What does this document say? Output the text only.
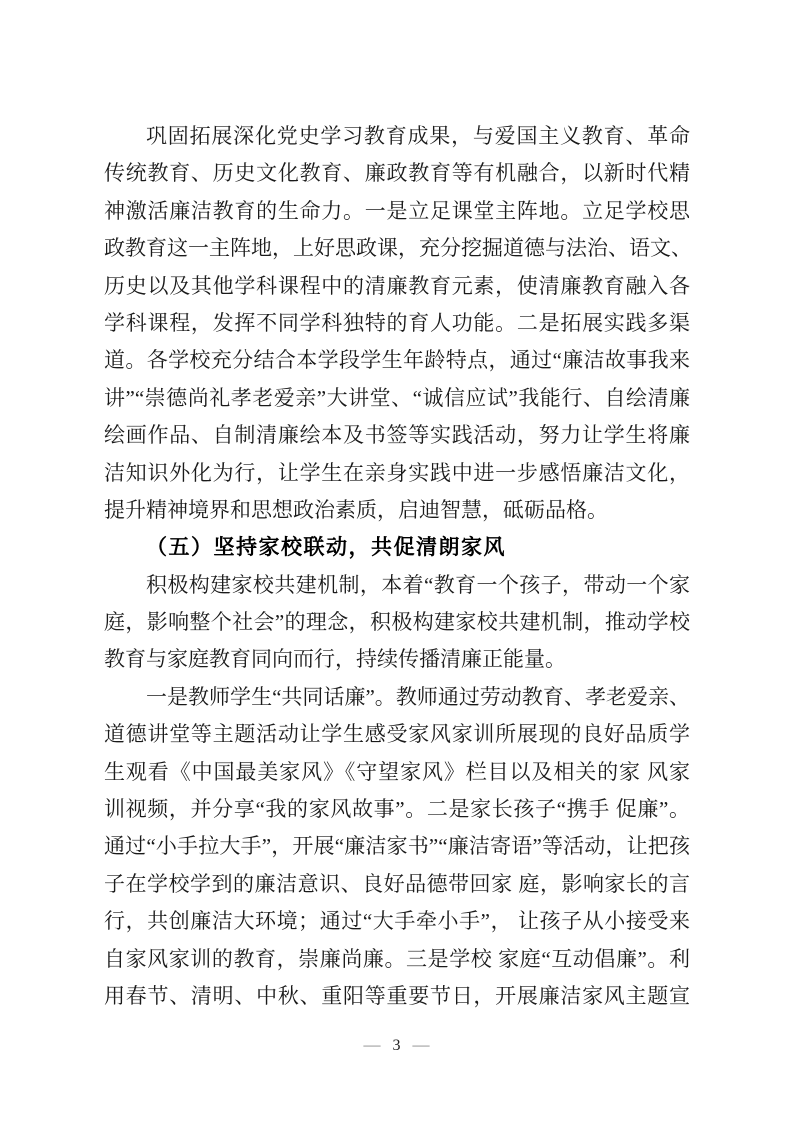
巩固拓展深化党史学习教育成果，与爱国主义教育、革命
传统教育、历史文化教育、廉政教育等有机融合，以新时代精
神激活廉洁教育的生命力。一是立足课堂主阵地。立足学校思
政教育这一主阵地，上好思政课，充分挖掘道德与法治、语文、
历史以及其他学科课程中的清廉教育元素，使清廉教育融入各
学科课程，发挥不同学科独特的育人功能。二是拓展实践多渠
道。各学校充分结合本学段学生年龄特点，通过“廉洁故事我来
讲”“崇德尚礼孝老爱亲”大讲堂、“诚信应试”我能行、自绘清廉
绘画作品、自制清廉绘本及书签等实践活动，努力让学生将廉
洁知识外化为行，让学生在亲身实践中进一步感悟廉洁文化，
提升精神境界和思想政治素质，启迪智慧，砥砺品格。
（五）坚持家校联动，共促清朗家风
积极构建家校共建机制，本着“教育一个孩子，带动一个家
庭，影响整个社会”的理念，积极构建家校共建机制，推动学校
教育与家庭教育同向而行，持续传播清廉正能量。
一是教师学生“共同话廉”。教师通过劳动教育、孝老爱亲、
道德讲堂等主题活动让学生感受家风家训所展现的良好品质学
生观看《中国最美家风》《守望家风》栏目以及相关的家 风家
训视频，并分享“我的家风故事”。二是家长孩子“携手 促廉”。
通过“小手拉大手”，开展“廉洁家书”“廉洁寄语”等活动，让把孩
子在学校学到的廉洁意识、良好品德带回家 庭，影响家长的言
行，共创廉洁大环境；通过“大手牵小手”， 让孩子从小接受来
自家风家训的教育，崇廉尚廉。三是学校 家庭“互动倡廉”。利
用春节、清明、中秋、重阳等重要节日，开展廉洁家风主题宣
— 3 —
